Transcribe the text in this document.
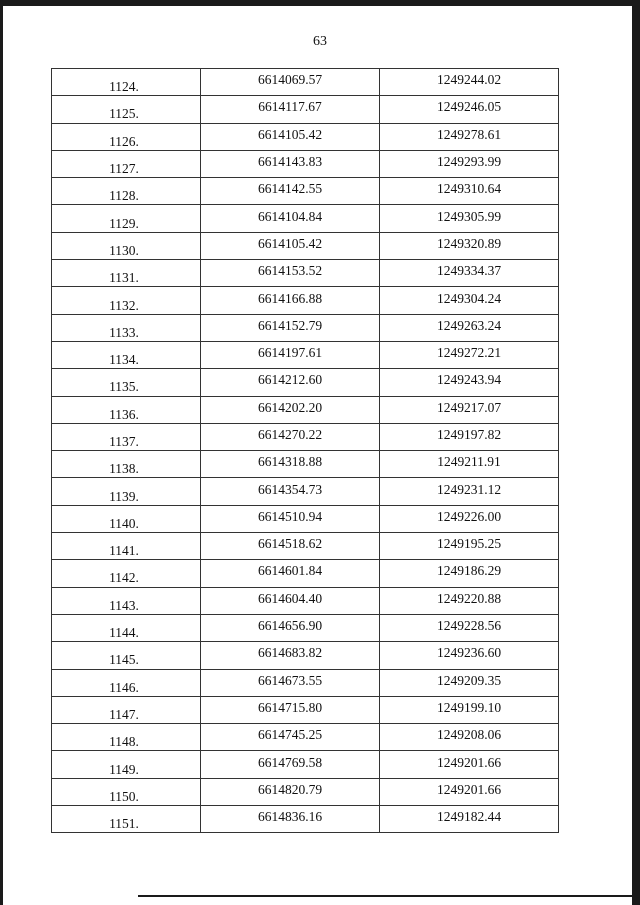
63
1124.	6614069.57	1249244.02
1125.	6614117.67	1249246.05
1126.	6614105.42	1249278.61
1127.	6614143.83	1249293.99
1128.	6614142.55	1249310.64
1129.	6614104.84	1249305.99
1130.	6614105.42	1249320.89
1131.	6614153.52	1249334.37
1132.	6614166.88	1249304.24
1133.	6614152.79	1249263.24
1134.	6614197.61	1249272.21
1135.	6614212.60	1249243.94
1136.	6614202.20	1249217.07
1137.	6614270.22	1249197.82
1138.	6614318.88	1249211.91
1139.	6614354.73	1249231.12
1140.	6614510.94	1249226.00
1141.	6614518.62	1249195.25
1142.	6614601.84	1249186.29
1143.	6614604.40	1249220.88
1144.	6614656.90	1249228.56
1145.	6614683.82	1249236.60
1146.	6614673.55	1249209.35
1147.	6614715.80	1249199.10
1148.	6614745.25	1249208.06
1149.	6614769.58	1249201.66
1150.	6614820.79	1249201.66
1151.	6614836.16	1249182.44
